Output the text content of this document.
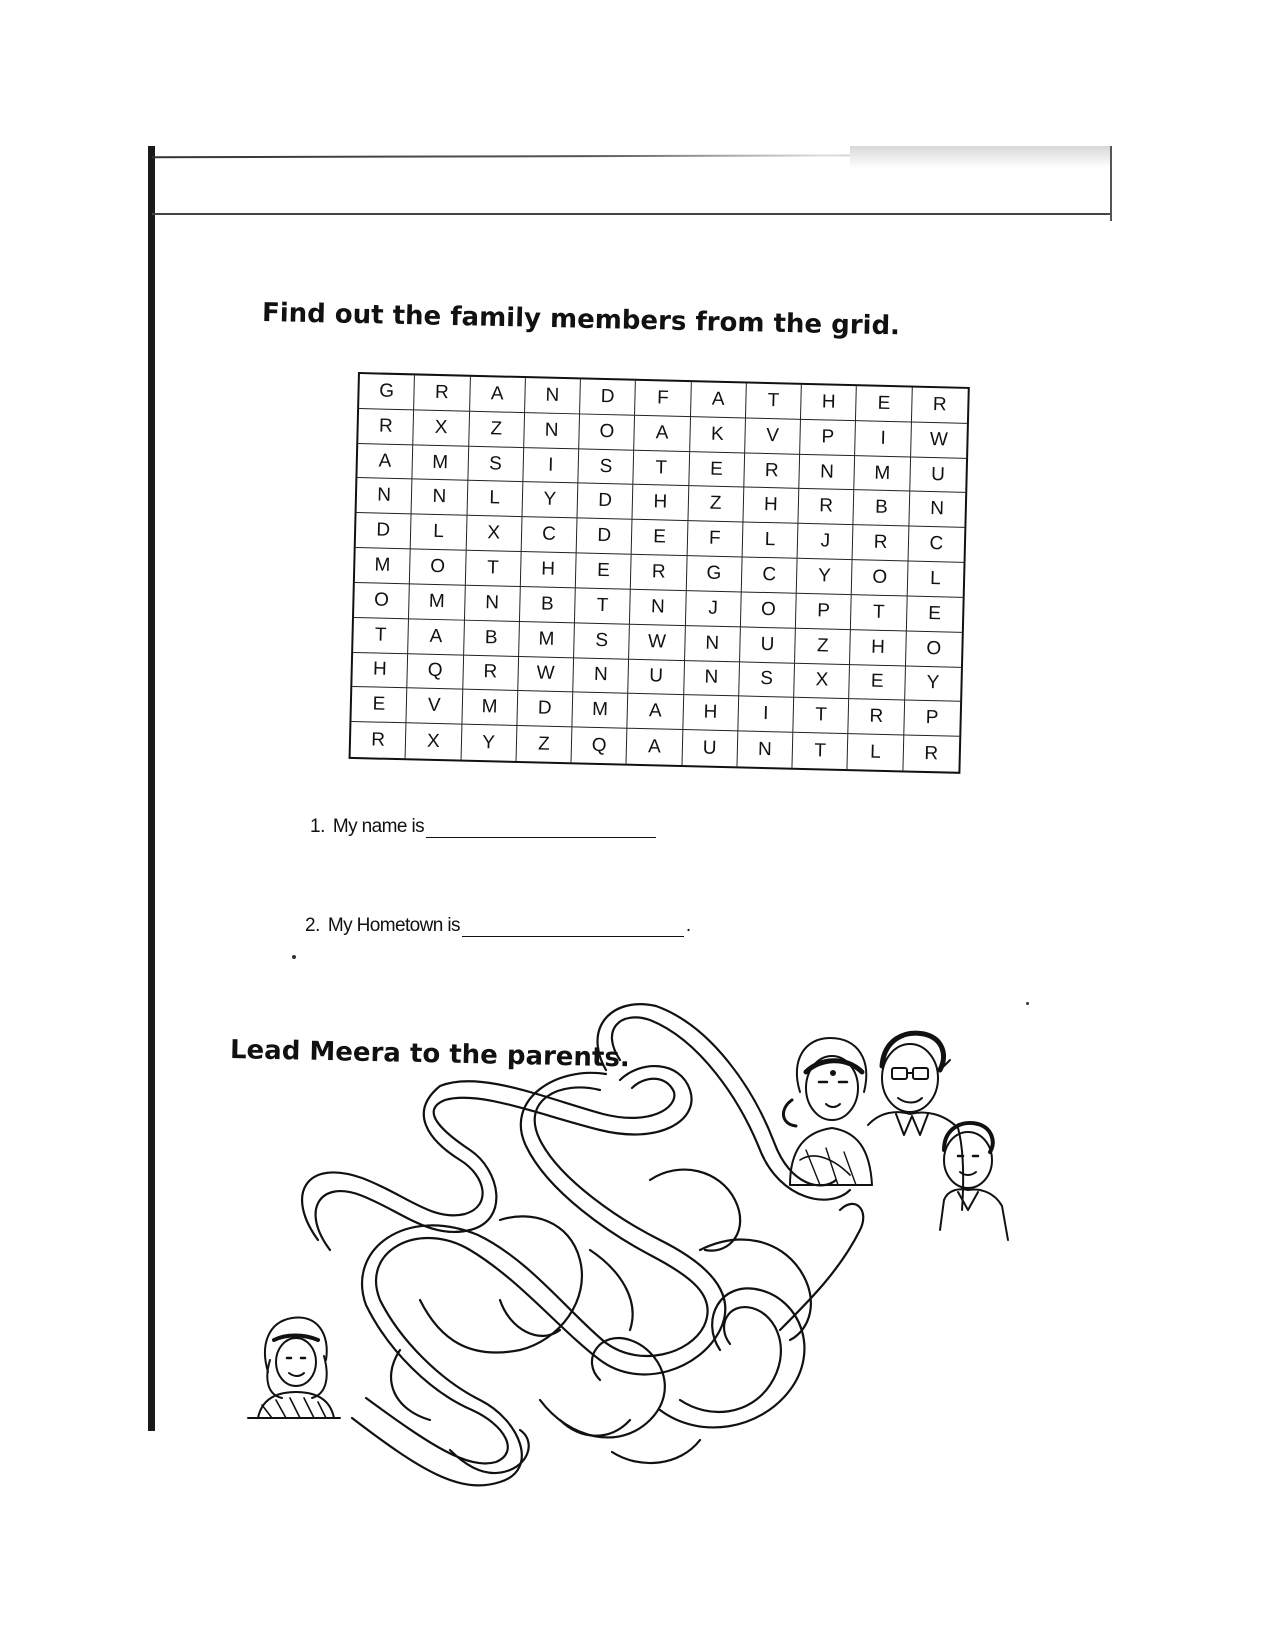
Find out the family members from the grid.
G	R	A	N	D	F	A	T	H	E	R
R	X	Z	N	O	A	K	V	P	I	W
A	M	S	I	S	T	E	R	N	M	U
N	N	L	Y	D	H	Z	H	R	B	N
D	L	X	C	D	E	F	L	J	R	C
M	O	T	H	E	R	G	C	Y	O	L
O	M	N	B	T	N	J	O	P	T	E
T	A	B	M	S	W	N	U	Z	H	O
H	Q	R	W	N	U	N	S	X	E	Y
E	V	M	D	M	A	H	I	T	R	P
R	X	Y	Z	Q	A	U	N	T	L	R
1. My name is
2. My Hometown is	.
Lead Meera to the parents.
